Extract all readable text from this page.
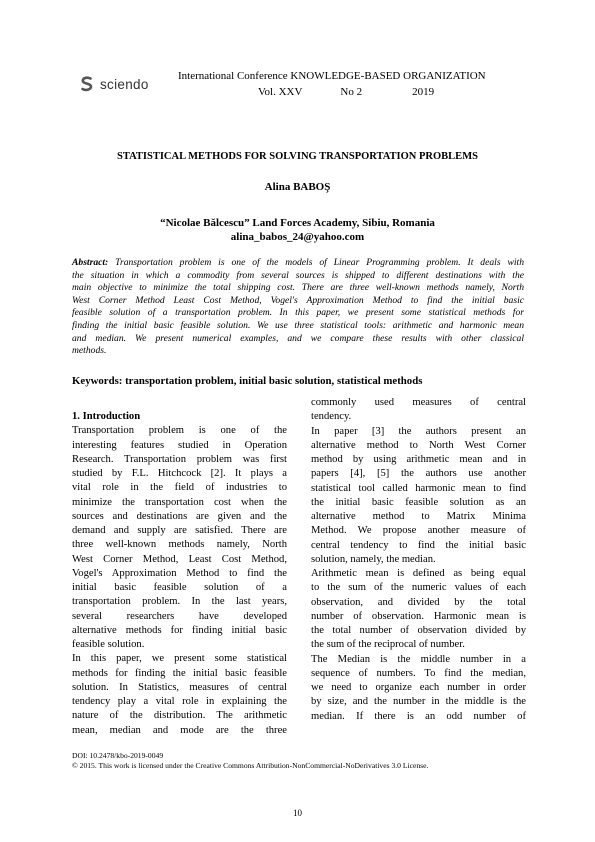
sciendo
International Conference KNOWLEDGE-BASED ORGANIZATION
Vol. XXV	No 2	2019
STATISTICAL METHODS FOR SOLVING TRANSPORTATION PROBLEMS
Alina BABOŞ
“Nicolae Bălcescu” Land Forces Academy, Sibiu, Romania
alina_babos_24@yahoo.com
Abstract: Transportation problem is one of the models of Linear Programming problem. It deals with
the situation in which a commodity from several sources is shipped to different destinations with the
main objective to minimize the total shipping cost. There are three well-known methods namely, North
West Corner Method Least Cost Method, Vogel's Approximation Method to find the initial basic
feasible solution of a transportation problem. In this paper, we present some statistical methods for
finding the initial basic feasible solution. We use three statistical tools: arithmetic and harmonic mean
and median. We present numerical examples, and we compare these results with other classical
methods.
Keywords: transportation problem, initial basic solution, statistical methods
1. Introduction
Transportation problem is one of the
interesting features studied in Operation
Research. Transportation problem was first
studied by F.L. Hitchcock [2]. It plays a
vital role in the field of industries to
minimize the transportation cost when the
sources and destinations are given and the
demand and supply are satisfied. There are
three well-known methods namely, North
West Corner Method, Least Cost Method,
Vogel's Approximation Method to find the
initial basic feasible solution of a
transportation problem. In the last years,
several researchers have developed
alternative methods for finding initial basic
feasible solution.
In this paper, we present some statistical
methods for finding the initial basic feasible
solution. In Statistics, measures of central
tendency play a vital role in explaining the
nature of the distribution. The arithmetic
mean, median and mode are the three
commonly used measures of central
tendency.
In paper [3] the authors present an
alternative method to North West Corner
method by using arithmetic mean and in
papers [4], [5] the authors use another
statistical tool called harmonic mean to find
the initial basic feasible solution as an
alternative method to Matrix Minima
Method. We propose another measure of
central tendency to find the initial basic
solution, namely, the median.
Arithmetic mean is defined as being equal
to the sum of the numeric values of each
observation, and divided by the total
number of observation. Harmonic mean is
the total number of observation divided by
the sum of the reciprocal of number.
The Median is the middle number in a
sequence of numbers. To find the median,
we need to organize each number in order
by size, and the number in the middle is the
median. If there is an odd number of
DOI: 10.2478/kbo-2019-0049
© 2015. This work is licensed under the Creative Commons Attribution-NonCommercial-NoDerivatives 3.0 License.
10
